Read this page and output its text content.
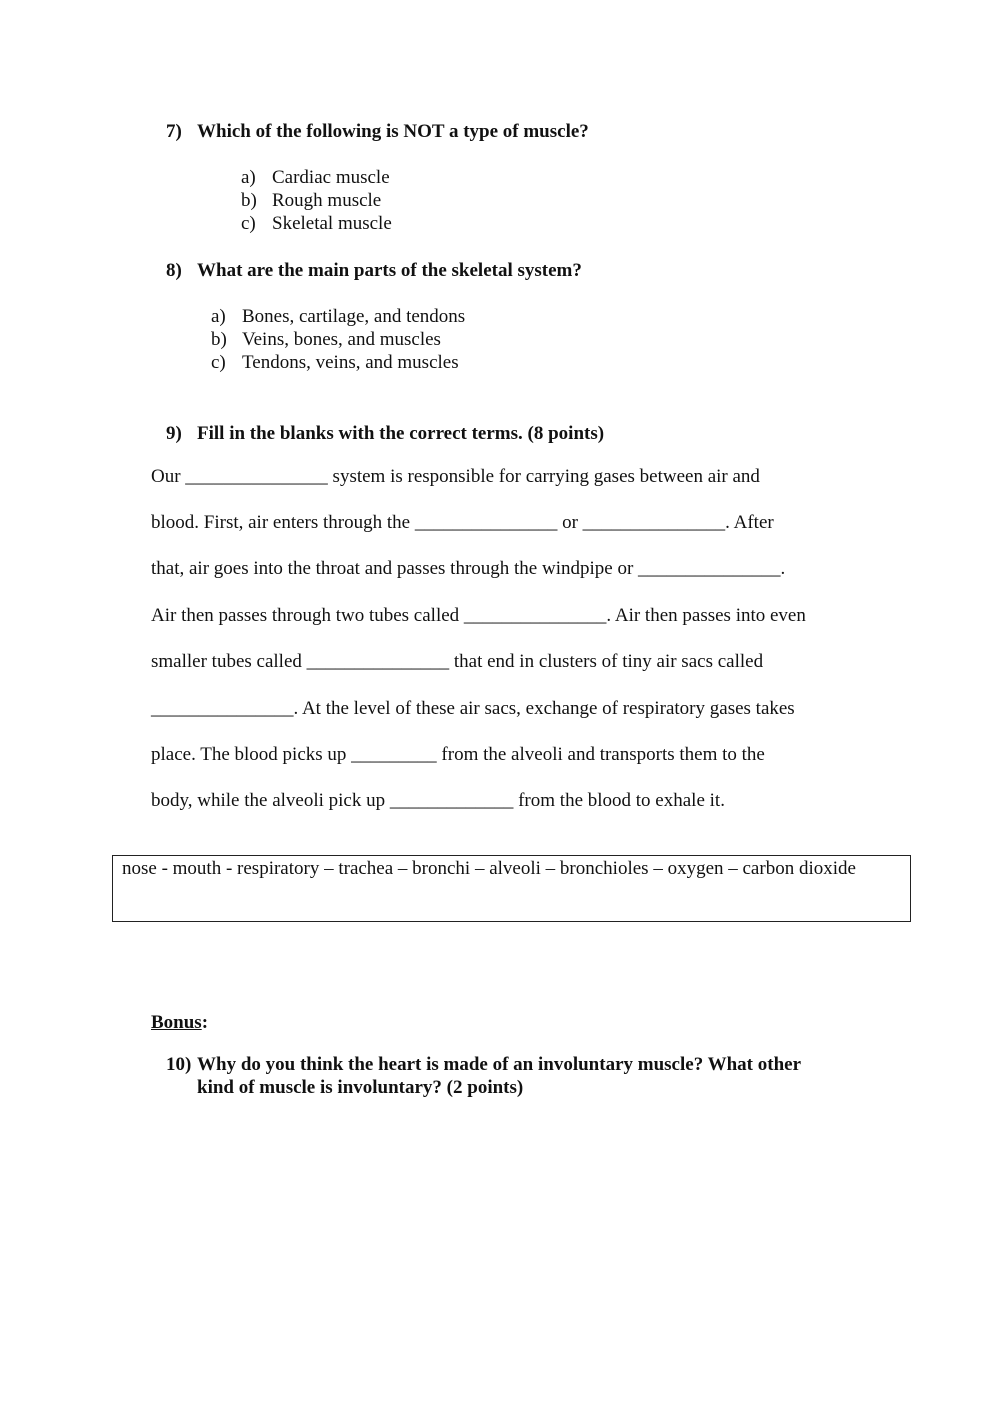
7) Which of the following is NOT a type of muscle?
a) Cardiac muscle
b) Rough muscle
c) Skeletal muscle
8) What are the main parts of the skeletal system?
a) Bones, cartilage, and tendons
b) Veins, bones, and muscles
c) Tendons, veins, and muscles
9) Fill in the blanks with the correct terms. (8 points)
Our _______________ system is responsible for carrying gases between air and
blood. First, air enters through the _______________ or _______________. After
that, air goes into the throat and passes through the windpipe or _______________.
Air then passes through two tubes called _______________. Air then passes into even
smaller tubes called _______________ that end in clusters of tiny air sacs called
_______________. At the level of these air sacs, exchange of respiratory gases takes
place. The blood picks up _________ from the alveoli and transports them to the
body, while the alveoli pick up _____________ from the blood to exhale it.
nose - mouth - respiratory – trachea – bronchi – alveoli – bronchioles – oxygen – carbon dioxide
Bonus:
10) Why do you think the heart is made of an involuntary muscle? What other
kind of muscle is involuntary? (2 points)
